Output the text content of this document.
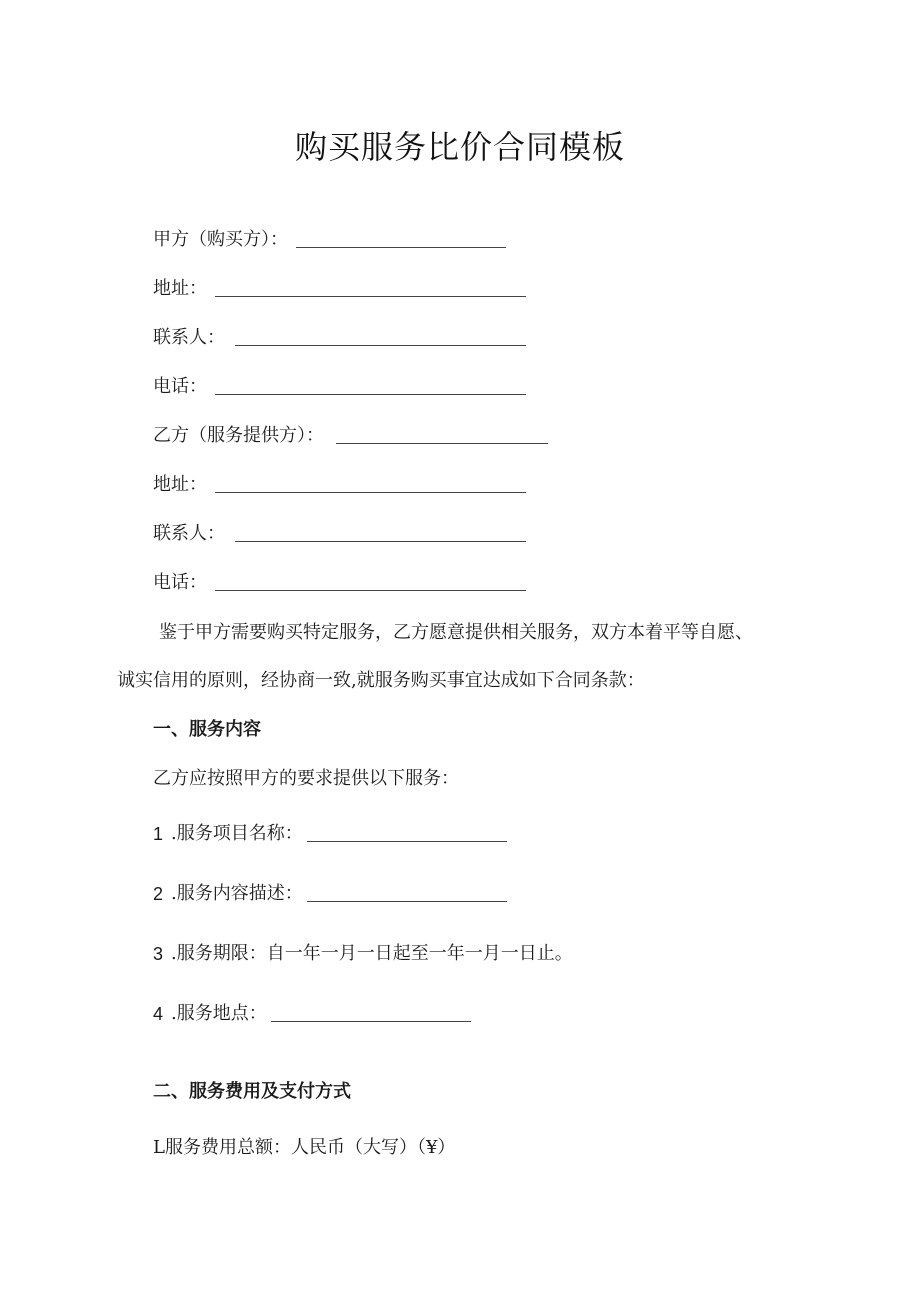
购买服务比价合同模板
甲方（购买方）：
地址：
联系人：
电话：
乙方（服务提供方）：
地址：
联系人：
电话：
鉴于甲方需要购买特定服务，乙方愿意提供相关服务，双方本着平等自愿、
诚实信用的原则，经协商一致,就服务购买事宜达成如下合同条款：
一、服务内容
乙方应按照甲方的要求提供以下服务：
1 .服务项目名称：
2 .服务内容描述：
3 .服务期限：自一年一月一日起至一年一月一日止。
4 .服务地点：
二、服务费用及支付方式
L服务费用总额：人民币（大写）（¥）
